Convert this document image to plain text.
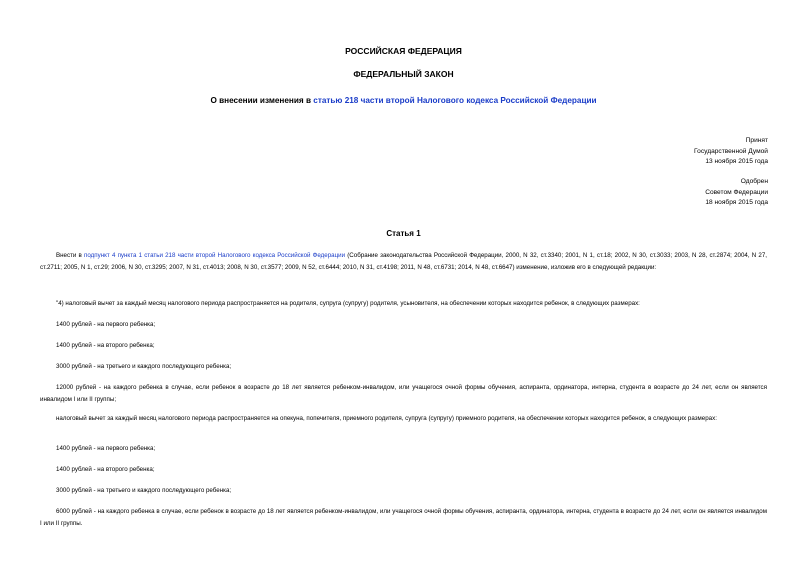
РОССИЙСКАЯ ФЕДЕРАЦИЯ
ФЕДЕРАЛЬНЫЙ ЗАКОН
О внесении изменения в статью 218 части второй Налогового кодекса Российской Федерации
Принят
Государственной Думой
13 ноября 2015 года
Одобрен
Советом Федерации
18 ноября 2015 года
Статья 1

Внести в подпункт 4 пункта 1 статьи 218 части второй Налогового кодекса Российской Федерации (Собрание законодательства Российской Федерации, 2000, N 32, ст.3340; 2001, N 1, ст.18; 2002, N 30, ст.3033; 2003, N 28, ст.2874; 2004, N 27, ст.2711; 2005, N 1, ст.29; 2006, N 30, ст.3295; 2007, N 31, ст.4013; 2008, N 30, ст.3577; 2009, N 52, ст.6444; 2010, N 31, ст.4198; 2011, N 48, ст.6731; 2014, N 48, ст.6647) изменение, изложив его в следующей редакции:

"4) налоговый вычет за каждый месяц налогового периода распространяется на родителя, супруга (супругу) родителя, усыновителя, на обеспечении которых находится ребенок, в следующих размерах:

1400 рублей - на первого ребенка;

1400 рублей - на второго ребенка;

3000 рублей - на третьего и каждого последующего ребенка;

12000 рублей - на каждого ребенка в случае, если ребенок в возрасте до 18 лет является ребенком-инвалидом, или учащегося очной формы обучения, аспиранта, ординатора, интерна, студента в возрасте до 24 лет, если он является инвалидом I или II группы;

налоговый вычет за каждый месяц налогового периода распространяется на опекуна, попечителя, приемного родителя, супруга (супругу) приемного родителя, на обеспечении которых находится ребенок, в следующих размерах:

1400 рублей - на первого ребенка;

1400 рублей - на второго ребенка;

3000 рублей - на третьего и каждого последующего ребенка;

6000 рублей - на каждого ребенка в случае, если ребенок в возрасте до 18 лет является ребенком-инвалидом, или учащегося очной формы обучения, аспиранта, ординатора, интерна, студента в возрасте до 24 лет, если он является инвалидом I или II группы.
